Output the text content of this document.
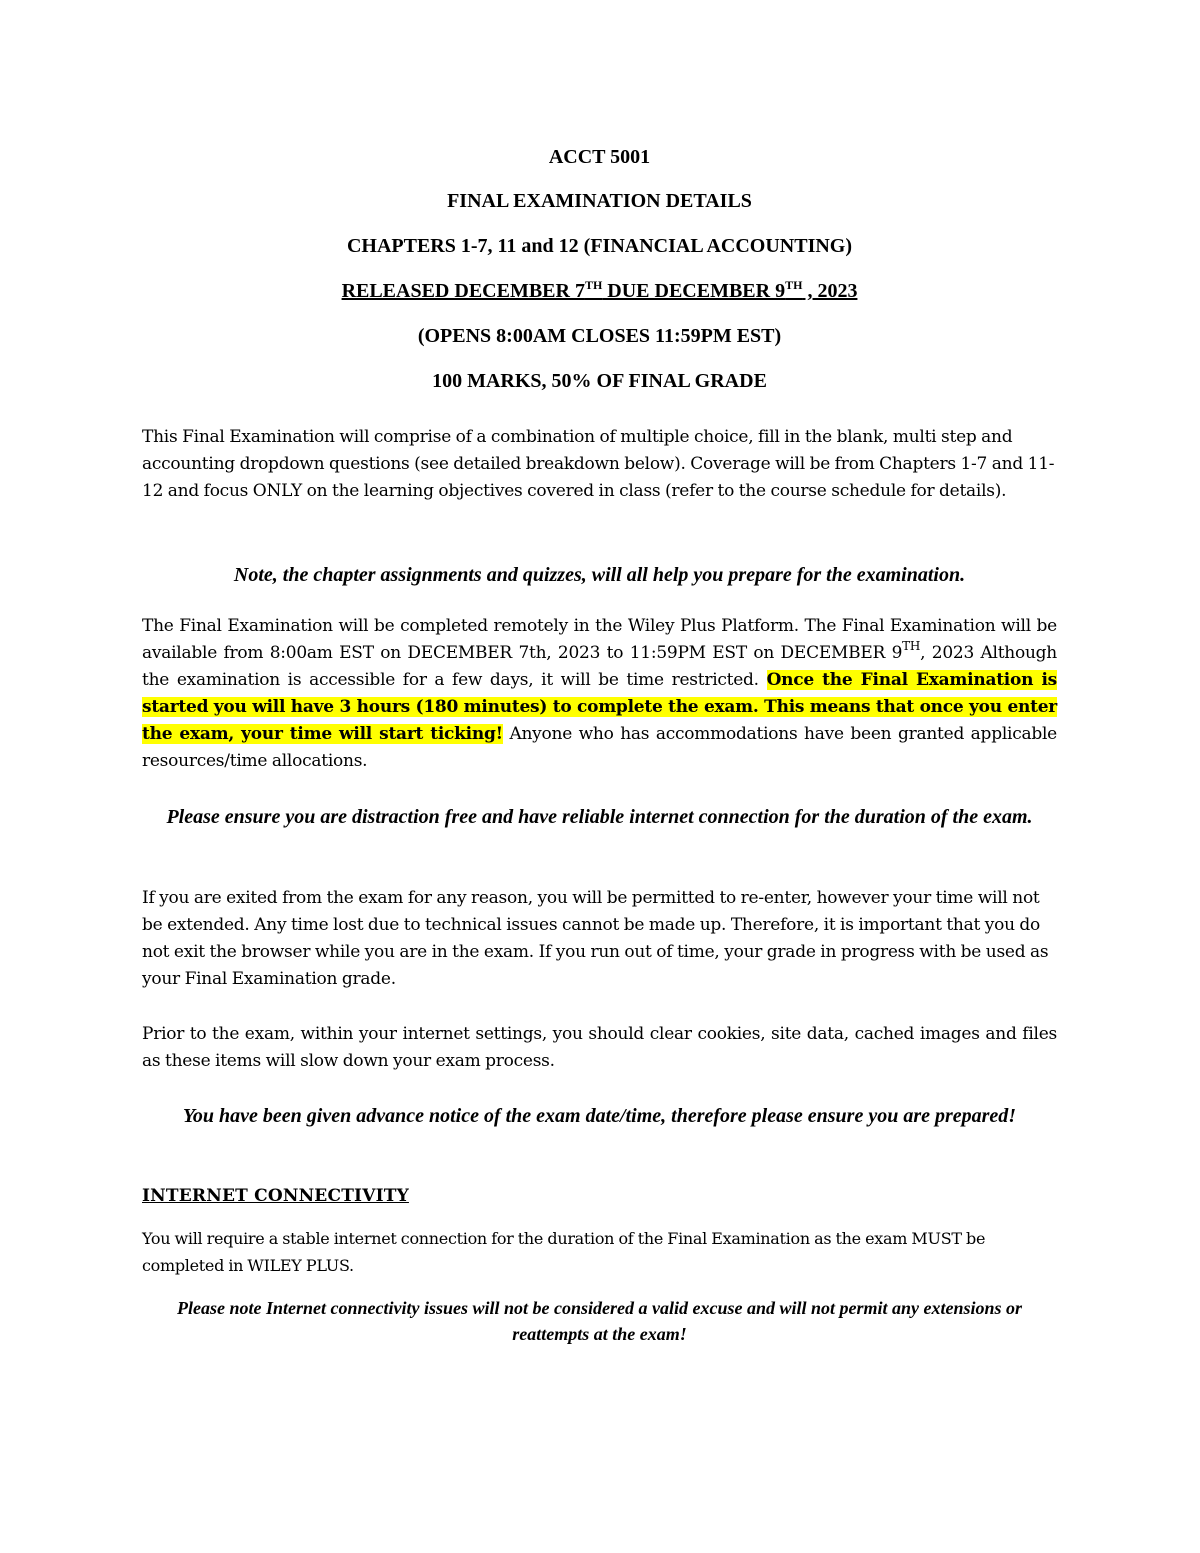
ACCT 5001
FINAL EXAMINATION DETAILS
CHAPTERS 1-7, 11 and 12 (FINANCIAL ACCOUNTING)
RELEASED DECEMBER 7TH DUE DECEMBER 9TH , 2023
(OPENS 8:00AM CLOSES 11:59PM EST)
100 MARKS, 50% OF FINAL GRADE
This Final Examination will comprise of a combination of multiple choice, fill in the blank, multi step and accounting dropdown questions (see detailed breakdown below). Coverage will be from Chapters 1-7 and 11-12 and focus ONLY on the learning objectives covered in class (refer to the course schedule for details).
Note, the chapter assignments and quizzes, will all help you prepare for the examination.
The Final Examination will be completed remotely in the Wiley Plus Platform. The Final Examination will be available from 8:00am EST on DECEMBER 7th, 2023 to 11:59PM EST on DECEMBER 9TH, 2023 Although the examination is accessible for a few days, it will be time restricted. Once the Final Examination is started you will have 3 hours (180 minutes) to complete the exam. This means that once you enter the exam, your time will start ticking! Anyone who has accommodations have been granted applicable resources/time allocations.
Please ensure you are distraction free and have reliable internet connection for the duration of the exam.
If you are exited from the exam for any reason, you will be permitted to re-enter, however your time will not be extended. Any time lost due to technical issues cannot be made up. Therefore, it is important that you do not exit the browser while you are in the exam. If you run out of time, your grade in progress with be used as your Final Examination grade.
Prior to the exam, within your internet settings, you should clear cookies, site data, cached images and files as these items will slow down your exam process.
You have been given advance notice of the exam date/time, therefore please ensure you are prepared!
INTERNET CONNECTIVITY
You will require a stable internet connection for the duration of the Final Examination as the exam MUST be completed in WILEY PLUS.
Please note Internet connectivity issues will not be considered a valid excuse and will not permit any extensions or reattempts at the exam!
